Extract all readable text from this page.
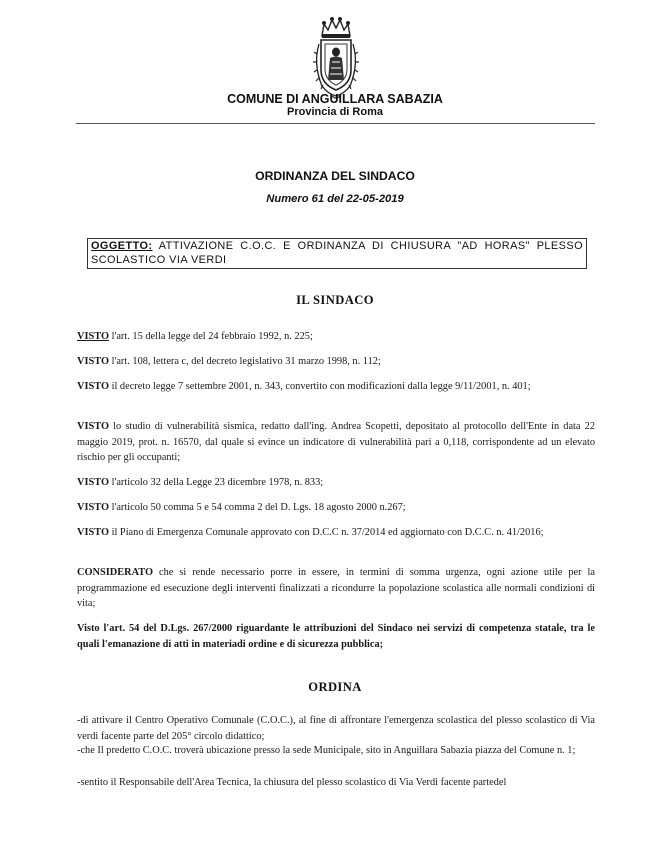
COMUNE DI ANGUILLARA SABAZIA
Provincia di Roma
ORDINANZA DEL SINDACO
Numero 61 del 22-05-2019
OGGETTO: ATTIVAZIONE C.O.C. E ORDINANZA DI CHIUSURA "AD HORAS" PLESSO SCOLASTICO VIA VERDI
IL SINDACO
VISTO l'art. 15 della legge del 24 febbraio 1992, n. 225;
VISTO l'art. 108, lettera c, del decreto legislativo 31 marzo 1998, n. 112;
VISTO il decreto legge 7 settembre 2001, n. 343, convertito con modificazioni dalla legge 9/11/2001, n. 401;
VISTO lo studio di vulnerabilità sismica, redatto dall'ing. Andrea Scopetti, depositato al protocollo dell'Ente in data 22 maggio 2019, prot. n. 16570, dal quale si evince un indicatore di vulnerabilità pari a 0,118, corrispondente ad un elevato rischio per gli occupanti;
VISTO l'articolo 32 della Legge 23 dicembre 1978, n. 833;
VISTO l'articolo 50 comma 5 e 54 comma 2 del D. Lgs. 18 agosto 2000 n.267;
VISTO il Piano di Emergenza Comunale approvato con D.C.C n. 37/2014 ed aggiornato con D.C.C. n. 41/2016;
CONSIDERATO che si rende necessario porre in essere, in termini di somma urgenza, ogni azione utile per la programmazione ed esecuzione degli interventi finalizzati a ricondurre la popolazione scolastica alle normali condizioni di vita;
Visto l'art. 54 del D.Lgs. 267/2000 riguardante le attribuzioni del Sindaco nei servizi di competenza statale, tra le quali l'emanazione di atti in materiadi ordine e di sicurezza pubblica;
ORDINA
-di attivare il Centro Operativo Comunale (C.O.C.), al fine di affrontare l'emergenza scolastica del plesso scolastico di Via verdi facente parte del 205° circolo didattico;
-che Il predetto C.O.C. troverà ubicazione presso la sede Municipale, sito in Anguillara Sabazia piazza del Comune n. 1;
-sentito il Responsabile dell'Area Tecnica, la chiusura del plesso scolastico di Via Verdi facente partedel
